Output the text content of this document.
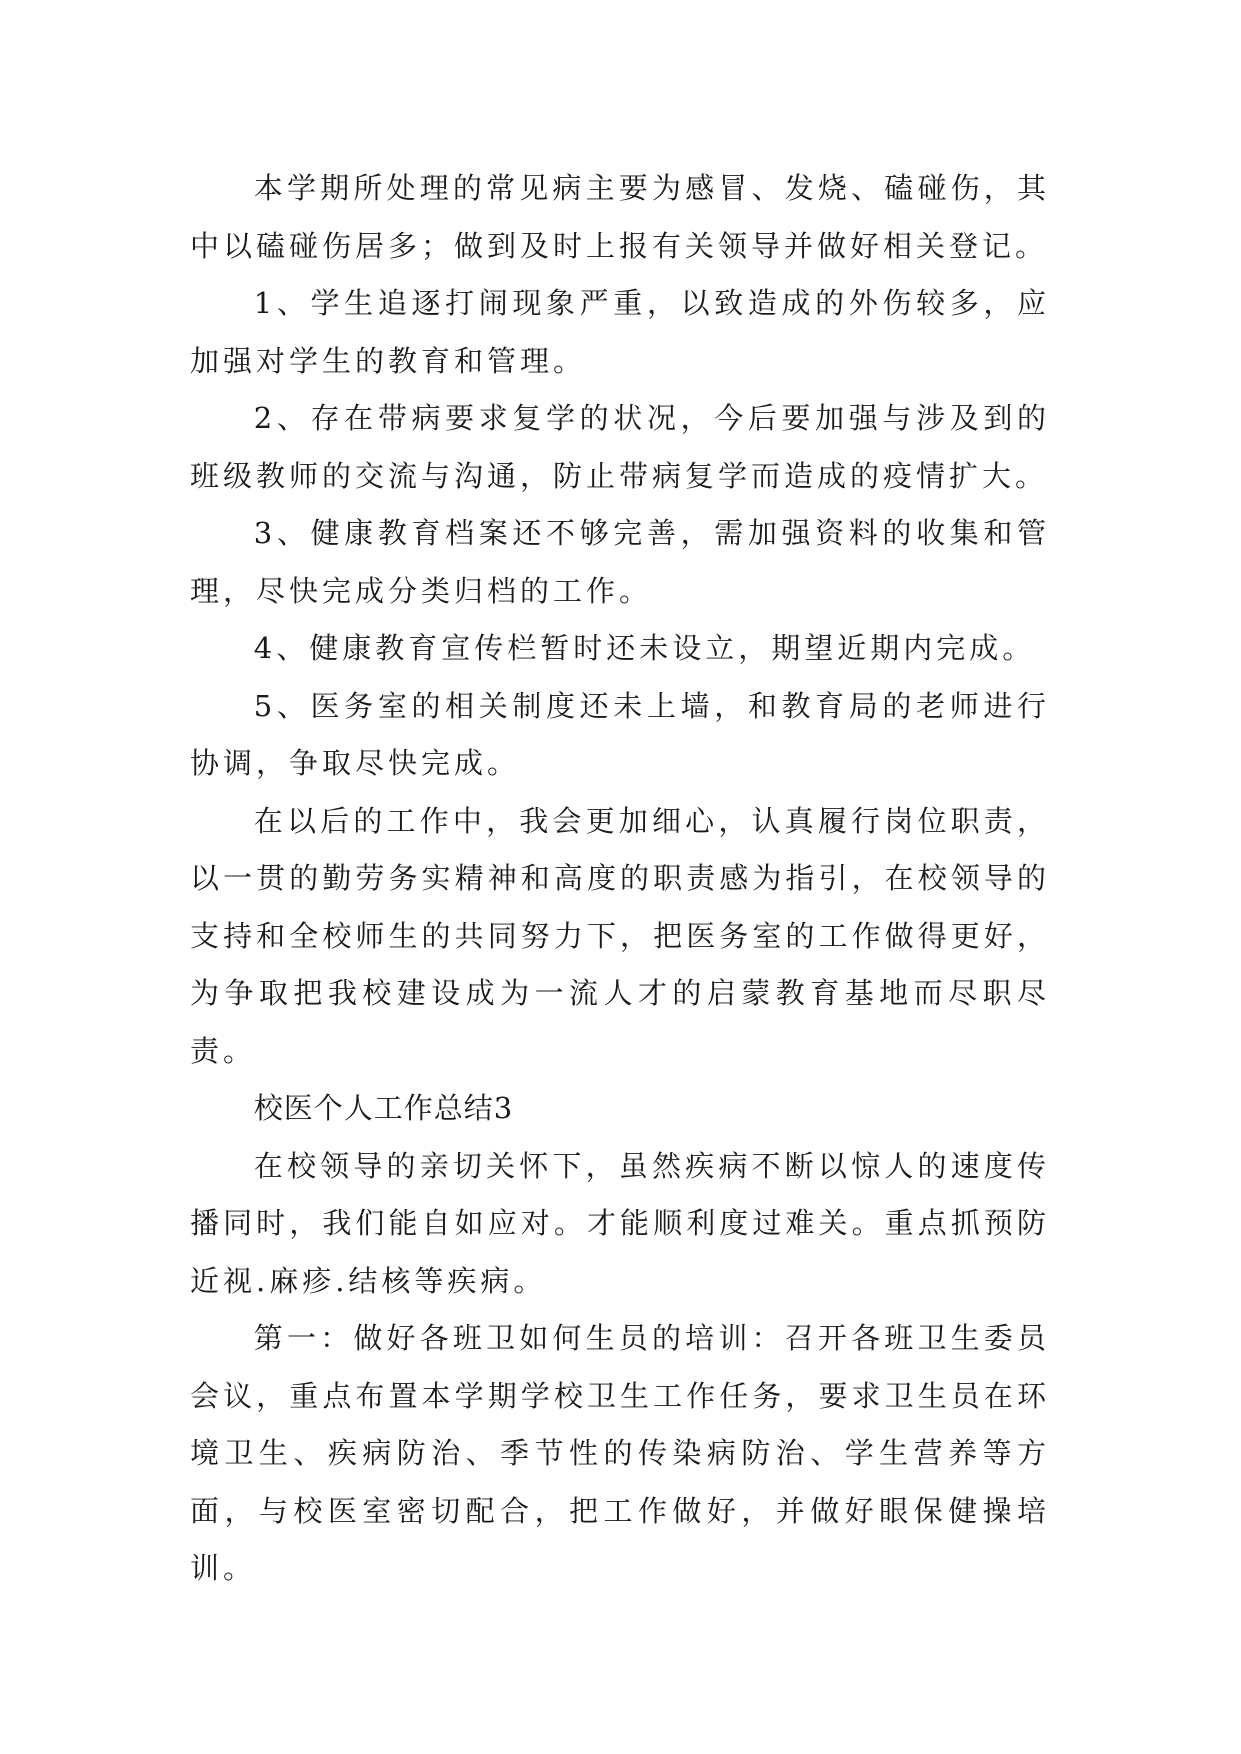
本学期所处理的常见病主要为感冒、发烧、磕碰伤，其中以磕碰伤居多；做到及时上报有关领导并做好相关登记。

1、学生追逐打闹现象严重，以致造成的外伤较多，应加强对学生的教育和管理。

2、存在带病要求复学的状况，今后要加强与涉及到的班级教师的交流与沟通，防止带病复学而造成的疫情扩大。

3、健康教育档案还不够完善，需加强资料的收集和管理，尽快完成分类归档的工作。

4、健康教育宣传栏暂时还未设立，期望近期内完成。

5、医务室的相关制度还未上墙，和教育局的老师进行协调，争取尽快完成。

在以后的工作中，我会更加细心，认真履行岗位职责，以一贯的勤劳务实精神和高度的职责感为指引，在校领导的支持和全校师生的共同努力下，把医务室的工作做得更好，为争取把我校建设成为一流人才的启蒙教育基地而尽职尽责。

校医个人工作总结3

在校领导的亲切关怀下，虽然疾病不断以惊人的速度传播同时，我们能自如应对。才能顺利度过难关。重点抓预防近视.麻疹.结核等疾病。

第一：做好各班卫如何生员的培训：召开各班卫生委员会议，重点布置本学期学校卫生工作任务，要求卫生员在环境卫生、疾病防治、季节性的传染病防治、学生营养等方面，与校医室密切配合，把工作做好，并做好眼保健操培训。
